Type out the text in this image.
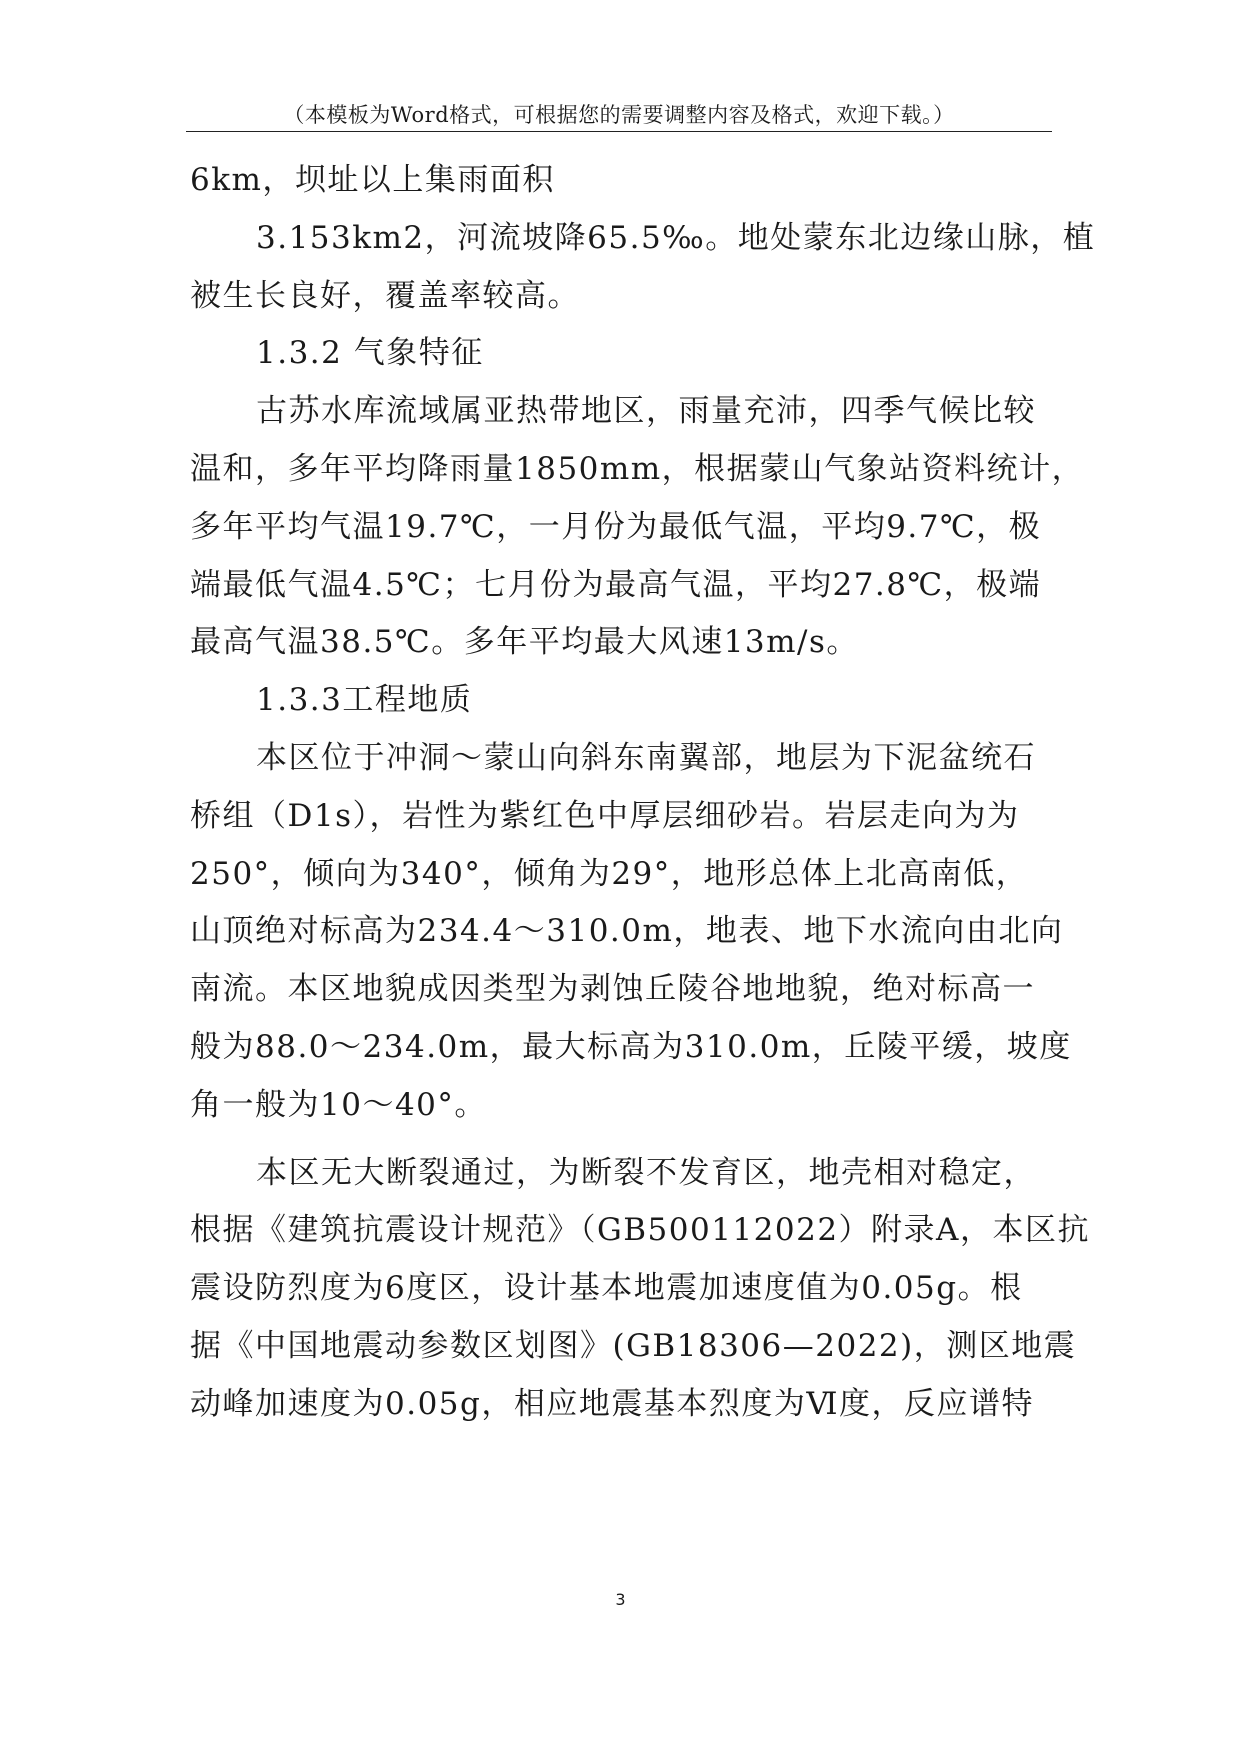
（本模板为Word格式，可根据您的需要调整内容及格式，欢迎下载。）
6km，坝址以上集雨面积
3.153km2，河流坡降65.5‰。地处蒙东北边缘山脉，植
被生长良好，覆盖率较高。
1.3.2 气象特征
古苏水库流域属亚热带地区，雨量充沛，四季气候比较
温和，多年平均降雨量1850mm，根据蒙山气象站资料统计，
多年平均气温19.7℃，一月份为最低气温，平均9.7℃，极
端最低气温4.5℃；七月份为最高气温，平均27.8℃，极端
最高气温38.5℃。多年平均最大风速13m/s。
1.3.3工程地质
本区位于冲洞～蒙山向斜东南翼部，地层为下泥盆统石
桥组（D1s），岩性为紫红色中厚层细砂岩。岩层走向为为
250°，倾向为340°，倾角为29°，地形总体上北高南低，
山顶绝对标高为234.4～310.0m，地表、地下水流向由北向
南流。本区地貌成因类型为剥蚀丘陵谷地地貌，绝对标高一
般为88.0～234.0m，最大标高为310.0m，丘陵平缓，坡度
角一般为10～40°。
本区无大断裂通过，为断裂不发育区，地壳相对稳定，
根据《建筑抗震设计规范》（GB500112022）附录A，本区抗
震设防烈度为6度区，设计基本地震加速度值为0.05g。根
据《中国地震动参数区划图》(GB18306—2022)，测区地震
动峰加速度为0.05g，相应地震基本烈度为Ⅵ度，反应谱特
3
